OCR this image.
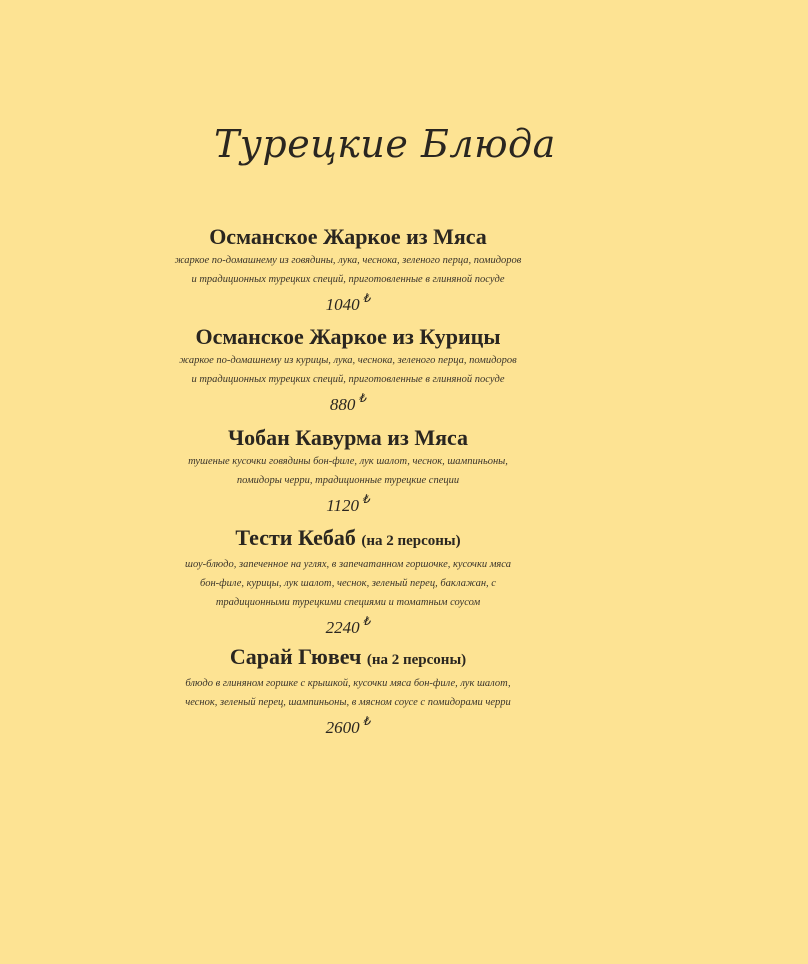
Турецкие Блюда
Османское Жаркое из Мяса
жаркое по-домашнему из говядины, лука, чеснока, зеленого перца, помидоров
и традиционных турецких специй, приготовленные в глиняной посуде
1040 ₺
Османское Жаркое из Курицы
жаркое по-домашнему из курицы, лука, чеснока, зеленого перца, помидоров
и традиционных турецких специй, приготовленные в глиняной посуде
880 ₺
Чобан Кавурма из Мяса
тушеные кусочки говядины бон-филе, лук шалот, чеснок, шампиньоны,
помидоры черри, традиционные турецкие специи
1120 ₺
Тести Кебаб (на 2 персоны)
шоу-блюдо, запеченное на углях, в запечатанном горшочке, кусочки мяса
бон-филе, курицы, лук шалот, чеснок, зеленый перец, баклажан, с
традиционными турецкими специями и томатным соусом
2240 ₺
Сарай Гювеч (на 2 персоны)
блюдо в глиняном горшке с крышкой, кусочки мяса бон-филе, лук шалот,
чеснок, зеленый перец, шампиньоны, в мясном соусе с помидорами черри
2600 ₺
